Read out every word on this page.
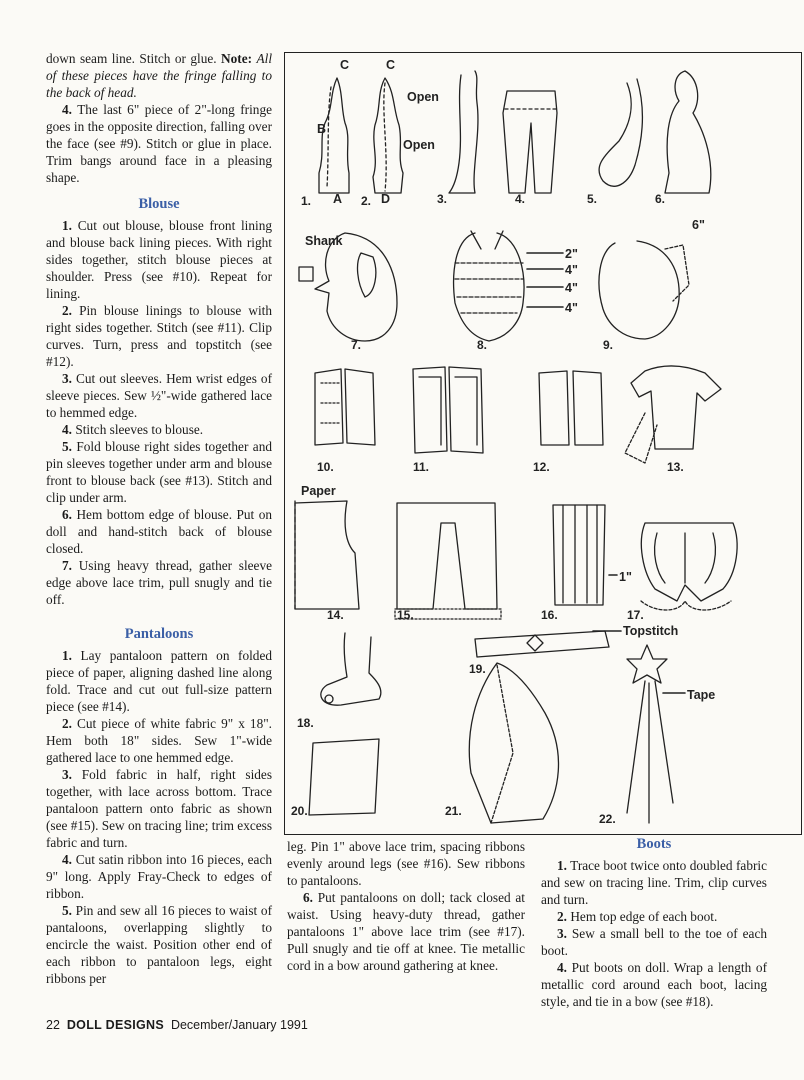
down seam line. Stitch or glue. Note: All of these pieces have the fringe falling to the back of head.

4. The last 6" piece of 2"-long fringe goes in the opposite direction, falling over the face (see #9). Stitch or glue in place. Trim bangs around face in a pleasing shape.

Blouse

1. Cut out blouse, blouse front lining and blouse back lining pieces. With right sides together, stitch blouse pieces at shoulder. Press (see #10). Repeat for lining.

2. Pin blouse linings to blouse with right sides together. Stitch (see #11). Clip curves. Turn, press and topstitch (see #12).

3. Cut out sleeves. Hem wrist edges of sleeve pieces. Sew ½"-wide gathered lace to hemmed edge.

4. Stitch sleeves to blouse.

5. Fold blouse right sides together and pin sleeves together under arm and blouse front to blouse back (see #13). Stitch and clip under arm.

6. Hem bottom edge of blouse. Put on doll and hand-stitch back of blouse closed.

7. Using heavy thread, gather sleeve edge above lace trim, pull snugly and tie off.

Pantaloons

1. Lay pantaloon pattern on folded piece of paper, aligning dashed line along fold. Trace and cut out full-size pattern piece (see #14).

2. Cut piece of white fabric 9" x 18". Hem both 18" sides. Sew 1"-wide gathered lace to one hemmed edge.

3. Fold fabric in half, right sides together, with lace across bottom. Trace pantaloon pattern onto fabric as shown (see #15). Sew on tracing line; trim excess fabric and turn.

4. Cut satin ribbon into 16 pieces, each 9" long. Apply Fray-Check to edges of ribbon.

5. Pin and sew all 16 pieces to waist of pantaloons, overlapping slightly to encircle the waist. Position other end of each ribbon to pantaloon legs, eight ribbons per

C	C
B
A	D
Open
Open
Shank
Paper
2"
4"
4"
4"
6"
1"
Topstitch
Tape
1.	2.	3.	4.	5.	6.
7.	8.	9.
10.	11.	12.	13.
14.	15.	16.	17.
18.
19.
20.	21.
22.

leg. Pin 1" above lace trim, spacing ribbons evenly around legs (see #16). Sew ribbons to pantaloons.

6. Put pantaloons on doll; tack closed at waist. Using heavy-duty thread, gather pantaloons 1" above lace trim (see #17). Pull snugly and tie off at knee. Tie metallic cord in a bow around gathering at knee.

Boots

1. Trace boot twice onto doubled fabric and sew on tracing line. Trim, clip curves and turn.

2. Hem top edge of each boot.

3. Sew a small bell to the toe of each boot.

4. Put boots on doll. Wrap a length of metallic cord around each boot, lacing style, and tie in a bow (see #18).

22 DOLL DESIGNS December/January 1991
